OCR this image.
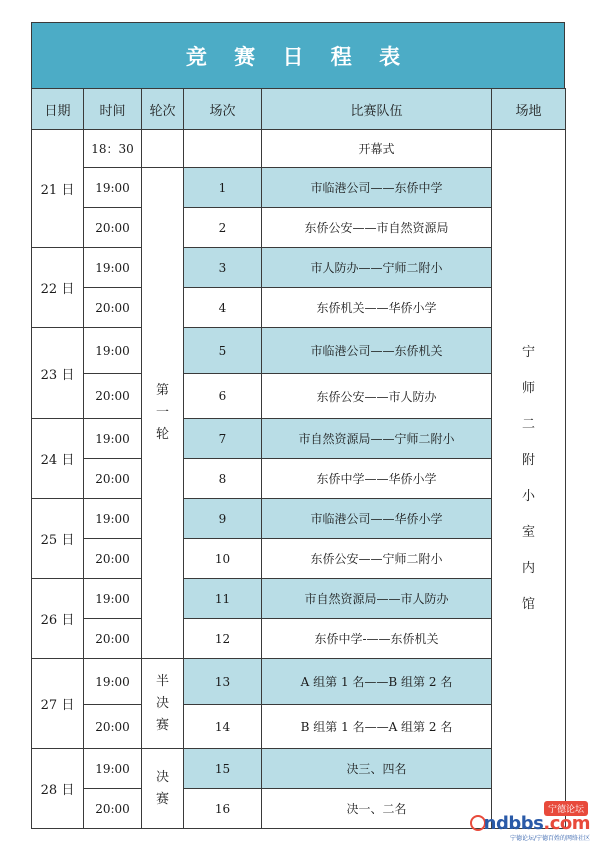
竞 赛 日 程 表
日期	时间	轮次	场次	比赛队伍	场地
21 日	18：30			开幕式	宁师二附小室内馆
	19:00	第一轮	1	市临港公司——东侨中学	
	20:00		2	东侨公安——市自然资源局	
22 日	19:00		3	市人防办——宁师二附小	
	20:00		4	东侨机关——华侨小学	
23 日	19:00		5	市临港公司——东侨机关	
	20:00		6	东侨公安——市人防办	
24 日	19:00		7	市自然资源局——宁师二附小	
	20:00		8	东侨中学——华侨小学	
25 日	19:00		9	市临港公司——华侨小学	
	20:00		10	东侨公安——宁师二附小	
26 日	19:00		11	市自然资源局——市人防办	
	20:00		12	东侨中学-——东侨机关	
27 日	19:00	半决赛	13	A 组第 1 名——B 组第 2 名	
	20:00		14	B 组第 1 名——A 组第 2 名	
28 日	19:00	决赛	15	决三、四名	
	20:00		16	决一、二名		宁德论坛
ndbbs.com
宁德论坛/宁德百姓的网络社区
